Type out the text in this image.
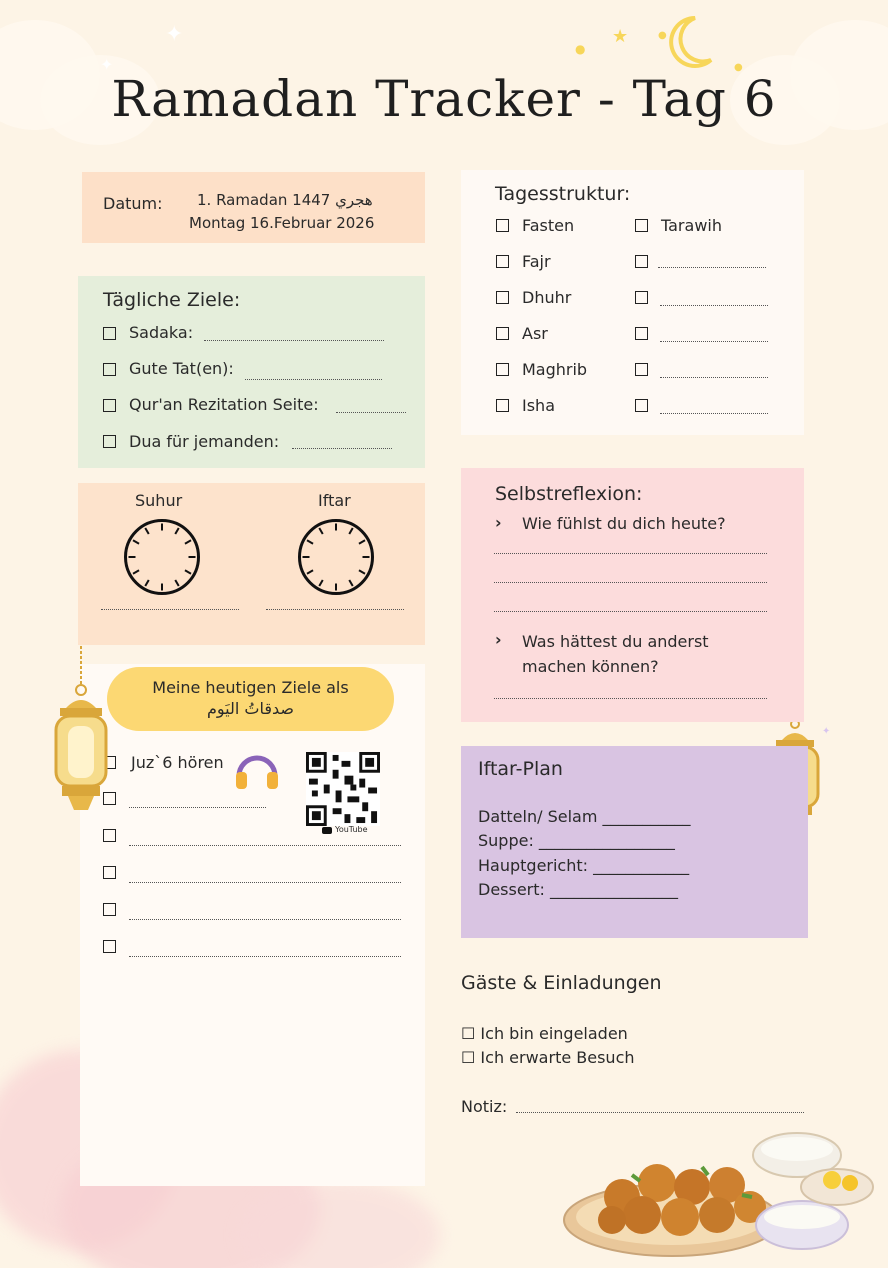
★
●
●
●
✦
✦
Ramadan Tracker - Tag 6
Datum: 1. Ramadan 1447 هجري
Montag 16.Februar 2026
Tägliche Ziele:
Sadaka:
Gute Tat(en):
Qur'an Rezitation Seite:
Dua für jemanden:
Suhur	Iftar
Juz`6 hören
YouTube
Meine heutigen Ziele als
صدقاتُ اليَوم
✦
Tagesstruktur:
Fasten
Fajr
Dhuhr
Asr
Maghrib
Isha
Tarawih
Selbstreflexion:
› Wie fühlst du dich heute?
› Was hättest du anderst
machen können?
Iftar-Plan
Datteln/ Selam ___________
Suppe: _________________
Hauptgericht: ____________
Dessert: ________________
Gäste & Einladungen
☐ Ich bin eingeladen
☐ Ich erwarte Besuch
Notiz:
